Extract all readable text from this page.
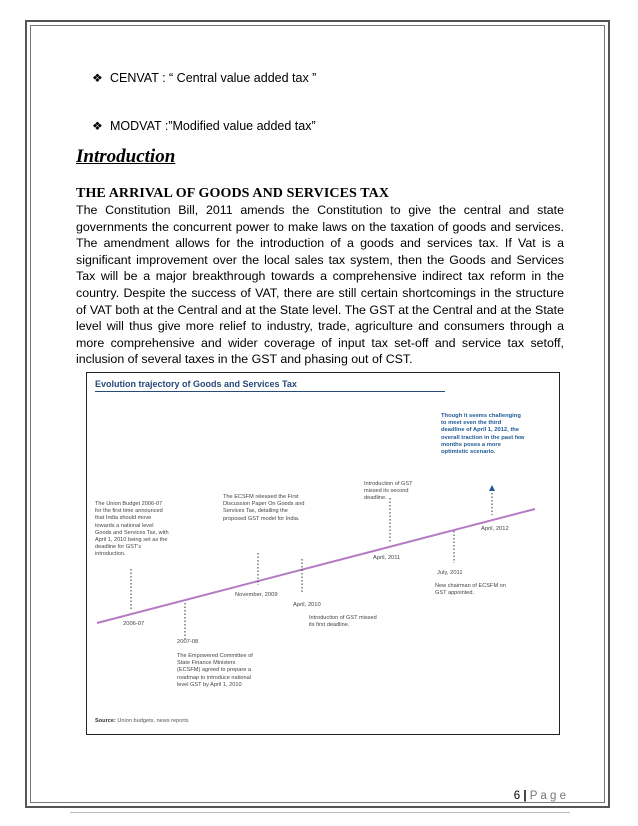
❖ CENVAT : “ Central value added tax ”
❖ MODVAT :”Modified value added tax”
Introduction
THE ARRIVAL OF GOODS AND SERVICES TAX
The Constitution Bill, 2011 amends the Constitution to give the central and state governments the concurrent power to make laws on the taxation of goods and services. The amendment allows for the introduction of a goods and services tax. If Vat is a significant improvement over the local sales tax system, then the Goods and Services Tax will be a major breakthrough towards a comprehensive indirect tax reform in the country. Despite the success of VAT, there are still certain shortcomings in the structure of VAT both at the Central and at the State level. The GST at the Central and at the State level will thus give more relief to industry, trade, agriculture and consumers through a more comprehensive and wider coverage of input tax set-off and service tax setoff, inclusion of several taxes in the GST and phasing out of CST.
Evolution trajectory of Goods and Services Tax
2006-07
The Union Budget 2006-07 for the first time announced that India should move towards a national level Goods and Services Tax, with April 1, 2010 being set as the deadline for GST's introduction.
2007-08
The Empowered Committee of State Finance Ministers (ECSFM) agreed to prepare a roadmap to introduce national level GST by April 1, 2010
November, 2009
The ECSFM released the First Discussion Paper On Goods and Services Tax, detailing the proposed GST model for India.
April, 2010
Introduction of GST missed its first deadline.
April, 2011
Introduction of GST missed its second deadline.
July, 2011
New chairman of ECSFM on GST appointed.
April, 2012
Though it seems challenging to meet even the third deadline of April 1, 2012, the overall traction in the past few months poses a more optimistic scenario.
Source: Union budgets, news reports
6 | P a g e
